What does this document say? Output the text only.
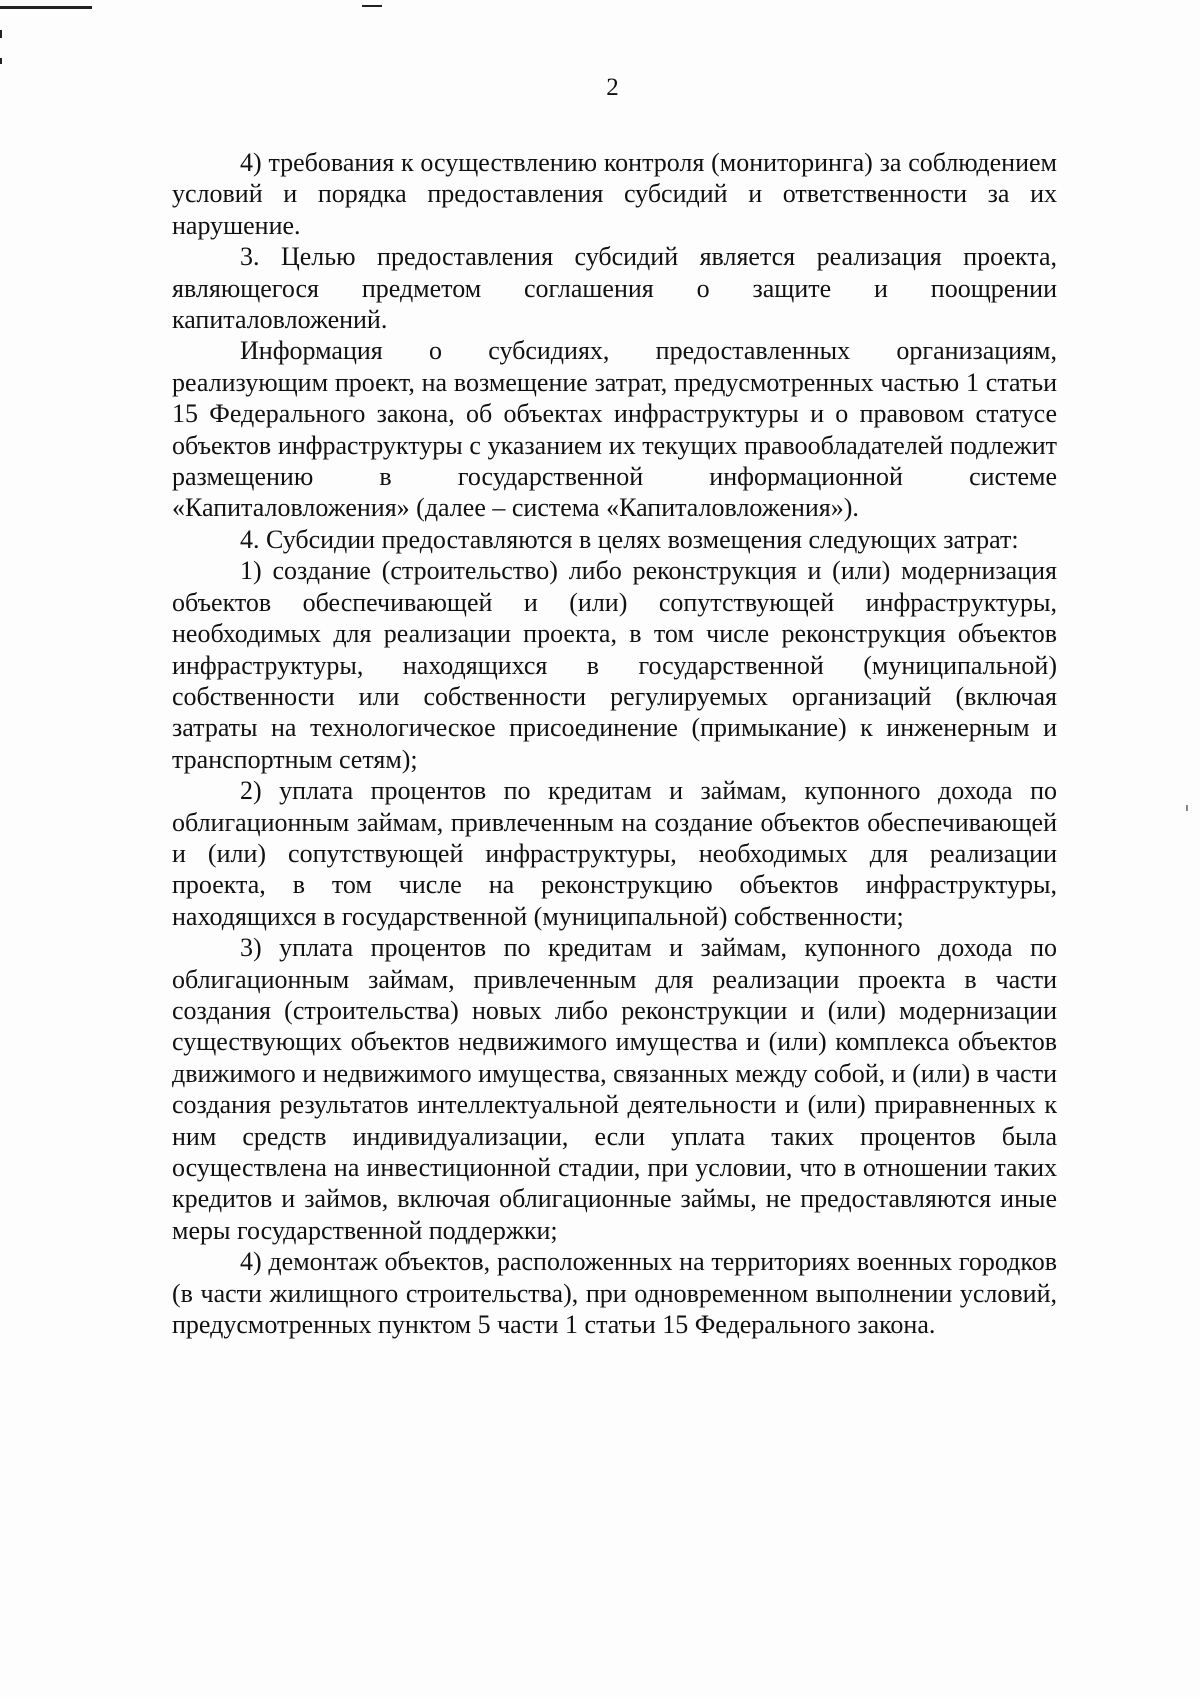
2

4) требования к осуществлению контроля (мониторинга) за соблюдением условий и порядка предоставления субсидий и ответственности за их нарушение.

3. Целью предоставления субсидий является реализация проекта, являющегося предметом соглашения о защите и поощрении капиталовложений.

Информация о субсидиях, предоставленных организациям, реализующим проект, на возмещение затрат, предусмотренных частью 1 статьи 15 Федерального закона, об объектах инфраструктуры и о правовом статусе объектов инфраструктуры с указанием их текущих правообладателей подлежит размещению в государственной информационной системе «Капиталовложения» (далее – система «Капиталовложения»).

4. Субсидии предоставляются в целях возмещения следующих затрат:

1) создание (строительство) либо реконструкция и (или) модернизация объектов обеспечивающей и (или) сопутствующей инфраструктуры, необходимых для реализации проекта, в том числе реконструкция объектов инфраструктуры, находящихся в государственной (муниципальной) собственности или собственности регулируемых организаций (включая затраты на технологическое присоединение (примыкание) к инженерным и транспортным сетям);

2) уплата процентов по кредитам и займам, купонного дохода по облигационным займам, привлеченным на создание объектов обеспечивающей и (или) сопутствующей инфраструктуры, необходимых для реализации проекта, в том числе на реконструкцию объектов инфраструктуры, находящихся в государственной (муниципальной) собственности;

3) уплата процентов по кредитам и займам, купонного дохода по облигационным займам, привлеченным для реализации проекта в части создания (строительства) новых либо реконструкции и (или) модернизации существующих объектов недвижимого имущества и (или) комплекса объектов движимого и недвижимого имущества, связанных между собой, и (или) в части создания результатов интеллектуальной деятельности и (или) приравненных к ним средств индивидуализации, если уплата таких процентов была осуществлена на инвестиционной стадии, при условии, что в отношении таких кредитов и займов, включая облигационные займы, не предоставляются иные меры государственной поддержки;

4) демонтаж объектов, расположенных на территориях военных городков (в части жилищного строительства), при одновременном выполнении условий, предусмотренных пунктом 5 части 1 статьи 15 Федерального закона.
